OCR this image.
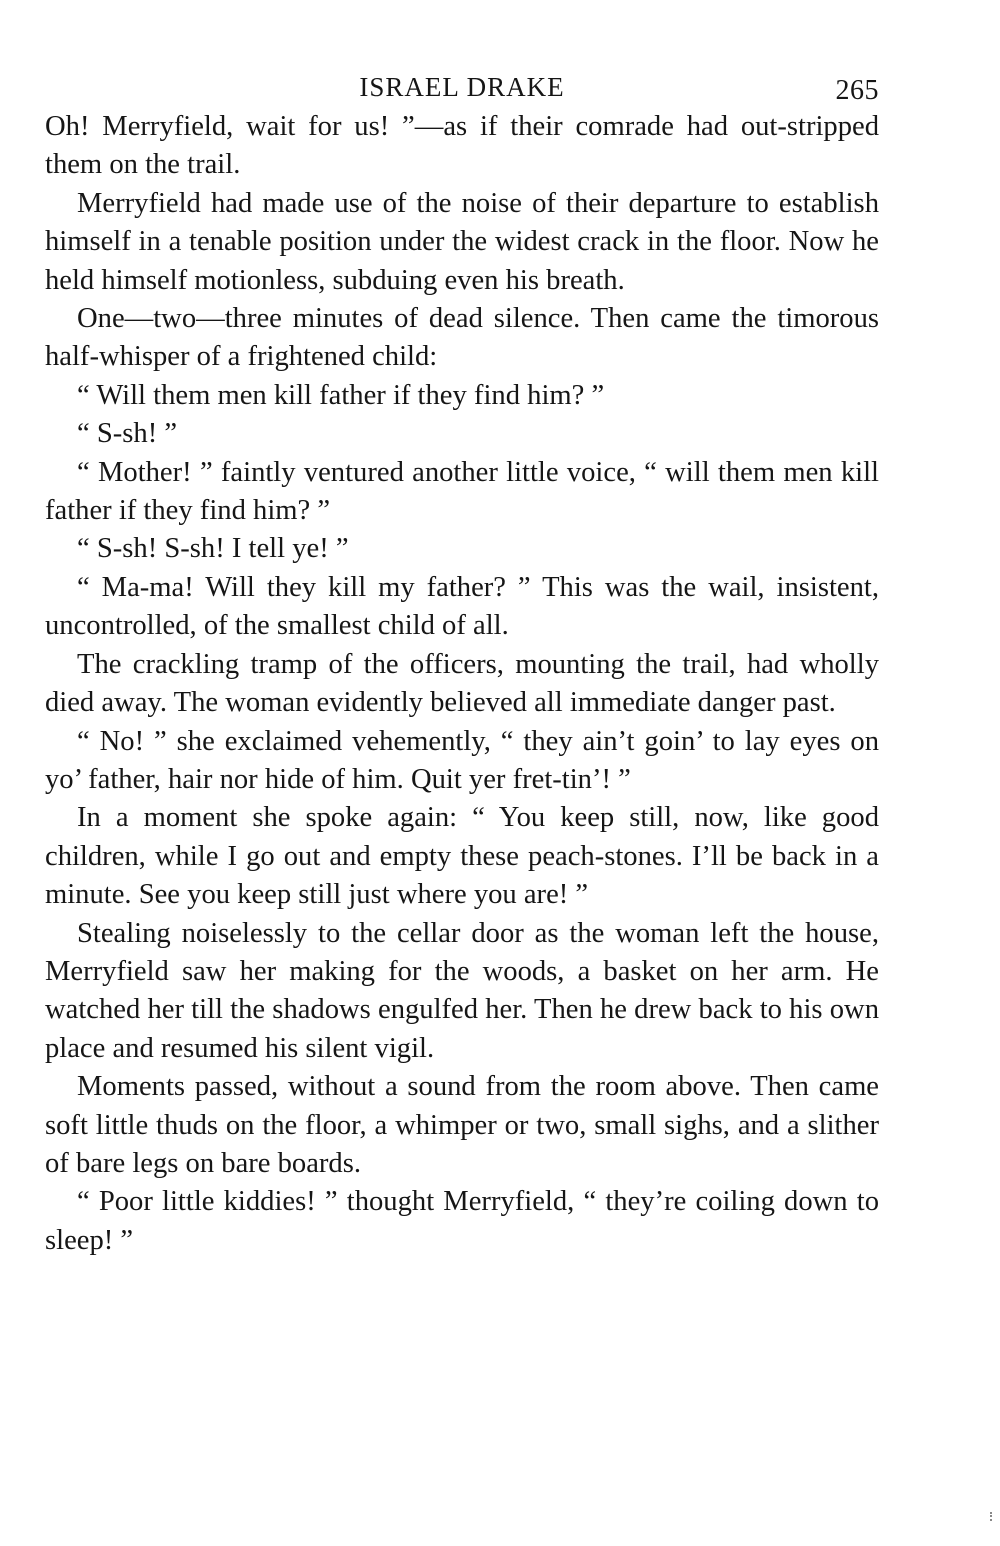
ISRAEL DRAKE	265

Oh! Merryfield, wait for us! ”—as if their comrade had out-stripped them on the trail.

Merryfield had made use of the noise of their departure to establish himself in a tenable position under the widest crack in the floor. Now he held himself motionless, subduing even his breath.

One—two—three minutes of dead silence. Then came the timorous half-whisper of a frightened child:

“ Will them men kill father if they find him? ”

“ S-sh! ”

“ Mother! ” faintly ventured another little voice, “ will them men kill father if they find him? ”

“ S-sh! S-sh! I tell ye! ”

“ Ma-ma! Will they kill my father? ” This was the wail, insistent, uncontrolled, of the smallest child of all.

The crackling tramp of the officers, mounting the trail, had wholly died away. The woman evidently believed all immediate danger past.

“ No! ” she exclaimed vehemently, “ they ain’t goin’ to lay eyes on yo’ father, hair nor hide of him. Quit yer fret-tin’! ”

In a moment she spoke again: “ You keep still, now, like good children, while I go out and empty these peach-stones. I’ll be back in a minute. See you keep still just where you are! ”

Stealing noiselessly to the cellar door as the woman left the house, Merryfield saw her making for the woods, a basket on her arm. He watched her till the shadows engulfed her. Then he drew back to his own place and resumed his silent vigil.

Moments passed, without a sound from the room above. Then came soft little thuds on the floor, a whimper or two, small sighs, and a slither of bare legs on bare boards.

“ Poor little kiddies! ” thought Merryfield, “ they’re coiling down to sleep! ”
